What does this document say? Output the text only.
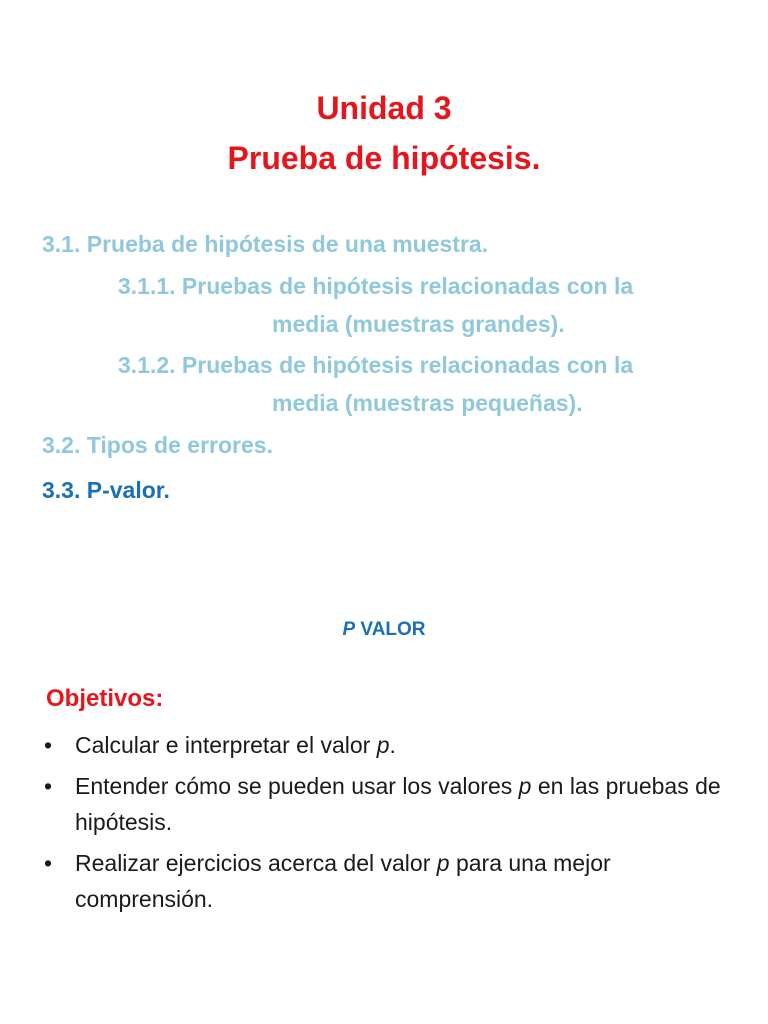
Unidad 3
Prueba de hipótesis.
3.1. Prueba de hipótesis de una muestra.
3.1.1. Pruebas de hipótesis relacionadas con la
media (muestras grandes).
3.1.2. Pruebas de hipótesis relacionadas con la
media (muestras pequeñas).
3.2. Tipos de errores.
3.3. P-valor.
P VALOR
Objetivos:
• Calcular e interpretar el valor p.
• Entender cómo se pueden usar los valores p en las pruebas de hipótesis.
• Realizar ejercicios acerca del valor p para una mejor comprensión.
